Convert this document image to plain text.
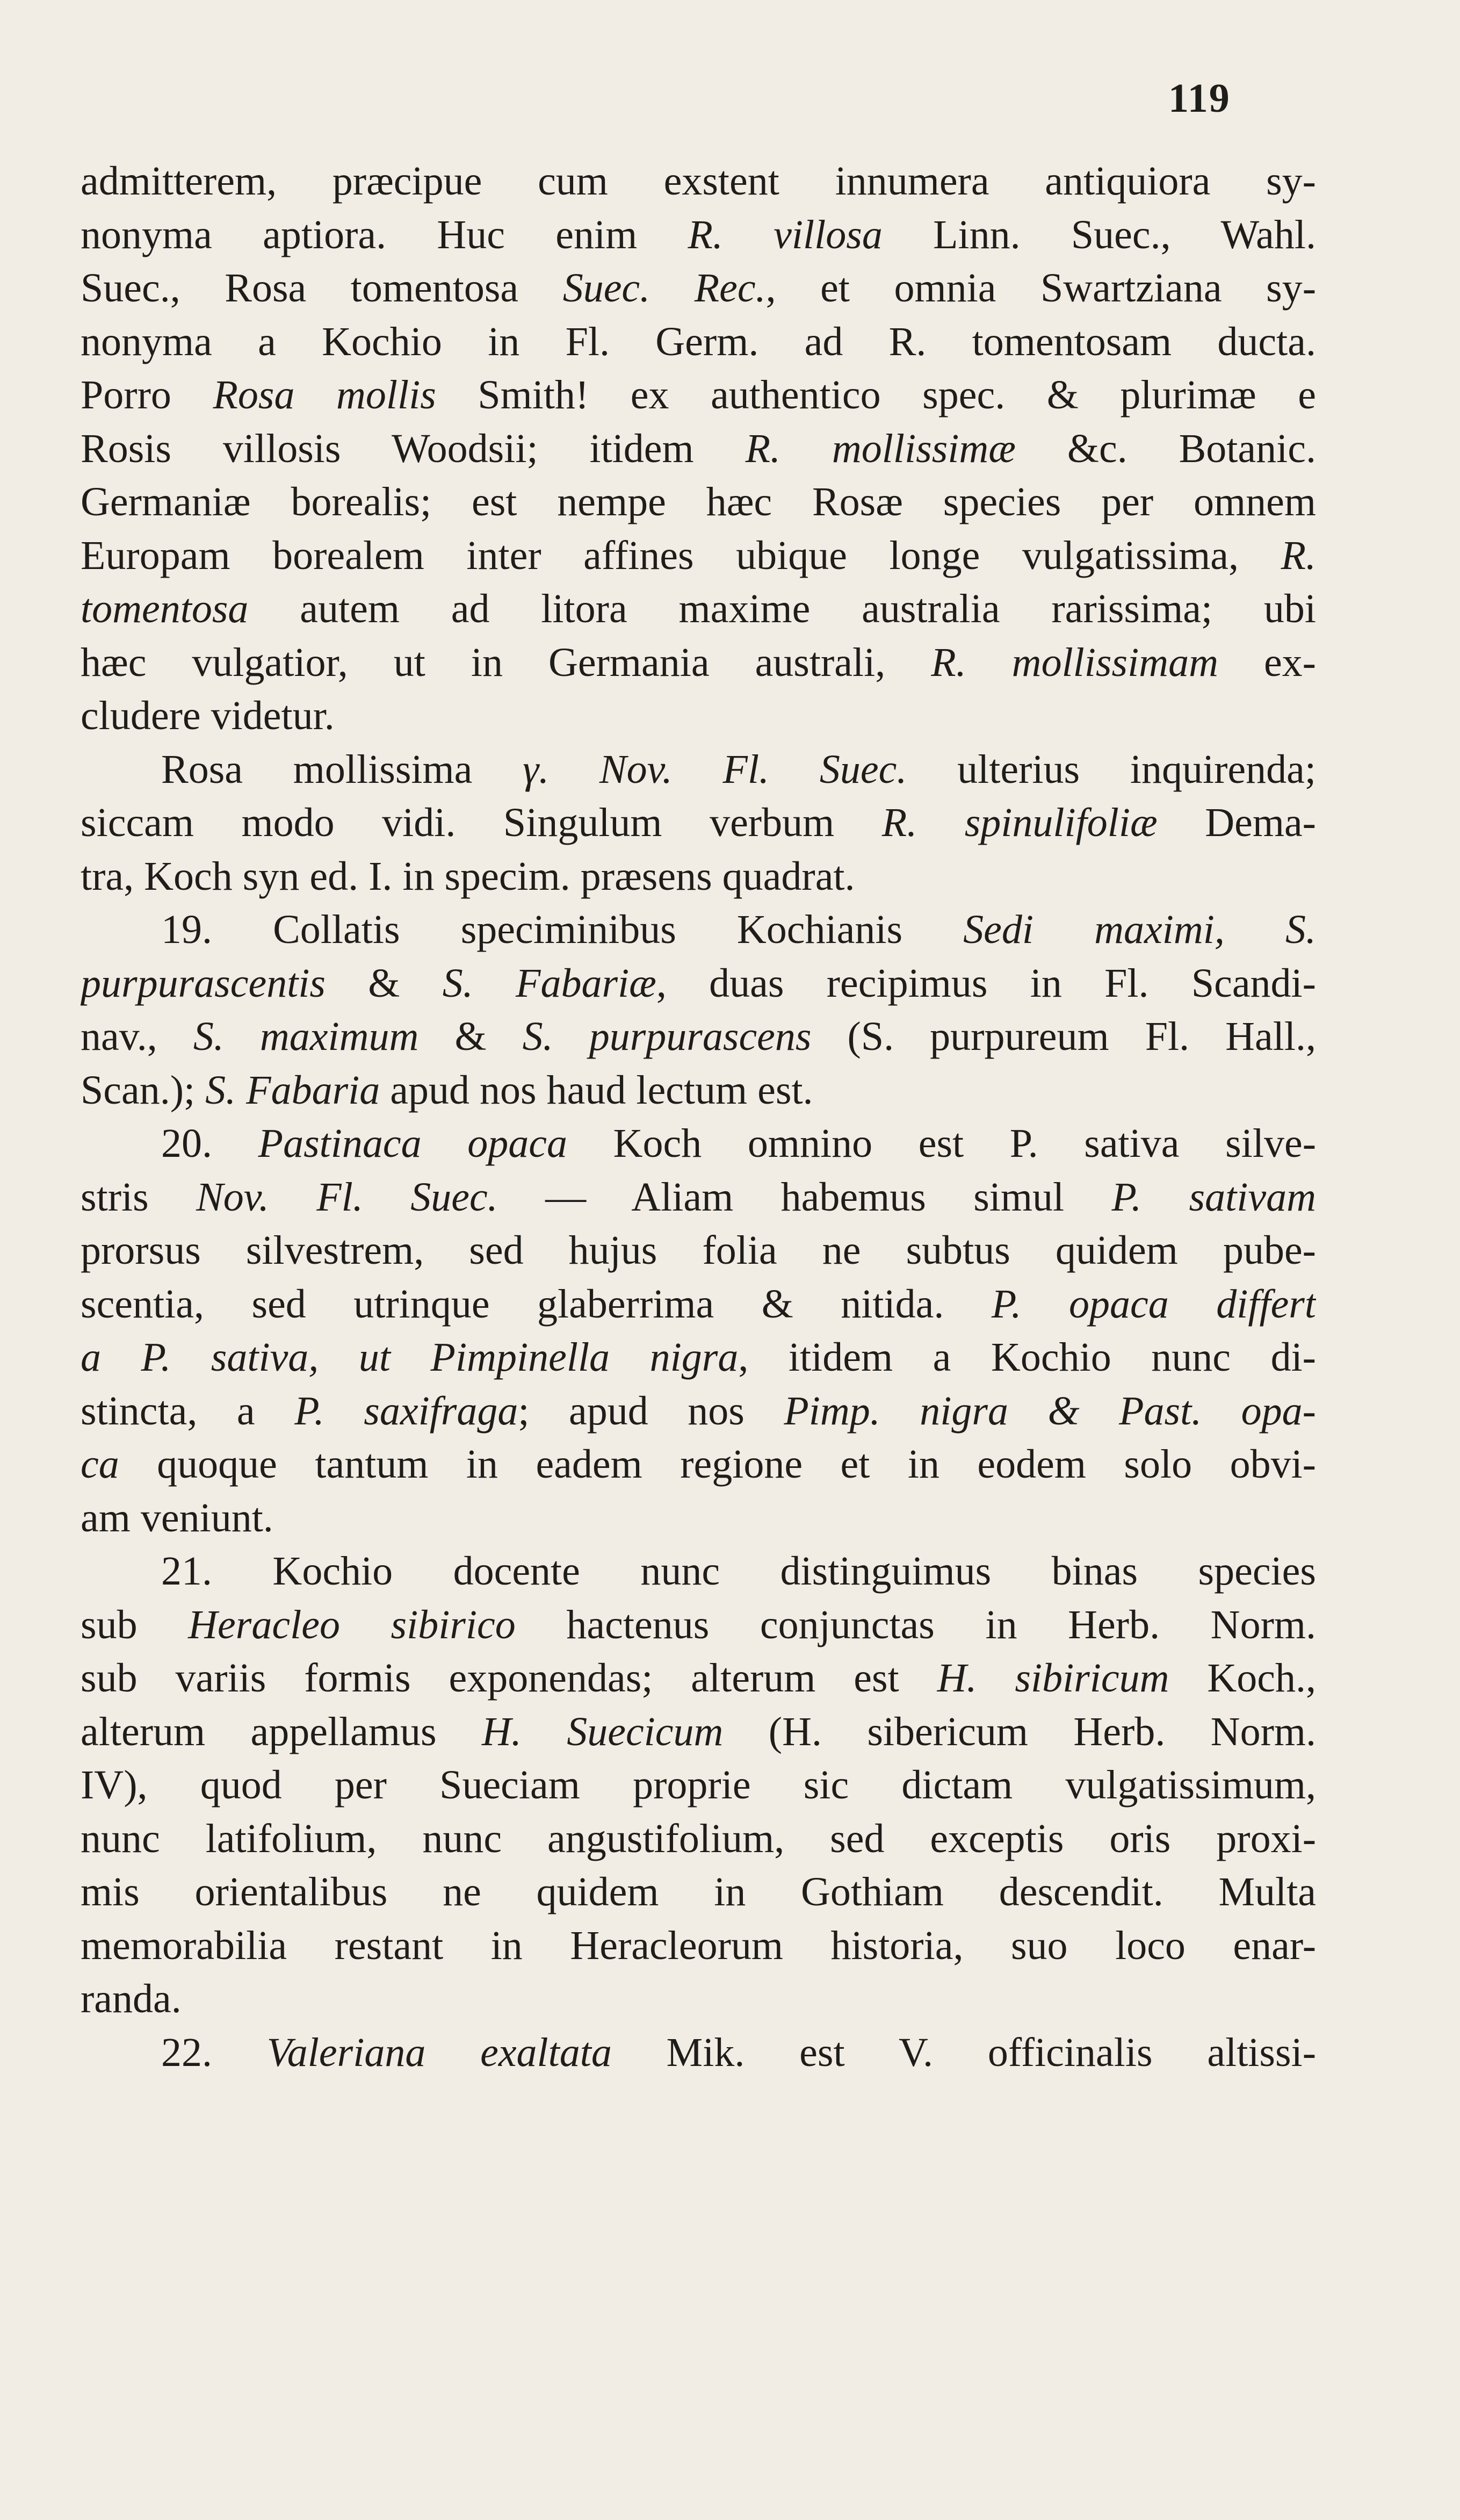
119
admitterem, præcipue cum exstent innumera antiquiora sy-
nonyma aptiora. Huc enim R. villosa Linn. Suec., Wahl.
Suec., Rosa tomentosa Suec. Rec., et omnia Swartziana sy-
nonyma a Kochio in Fl. Germ. ad R. tomentosam ducta.
Porro Rosa mollis Smith! ex authentico spec. & plurimæ e
Rosis villosis Woodsii; itidem R. mollissimæ &c. Botanic.
Germaniæ borealis; est nempe hæc Rosæ species per omnem
Europam borealem inter affines ubique longe vulgatissima, R.
tomentosa autem ad litora maxime australia rarissima; ubi
hæc vulgatior, ut in Germania australi, R. mollissimam ex-
cludere videtur.
Rosa mollissima γ. Nov. Fl. Suec. ulterius inquirenda;
siccam modo vidi. Singulum verbum R. spinulifoliæ Dema-
tra, Koch syn ed. I. in specim. præsens quadrat.
19. Collatis speciminibus Kochianis Sedi maximi, S.
purpurascentis & S. Fabariæ, duas recipimus in Fl. Scandi-
nav., S. maximum & S. purpurascens (S. purpureum Fl. Hall.,
Scan.); S. Fabaria apud nos haud lectum est.
20. Pastinaca opaca Koch omnino est P. sativa silve-
stris Nov. Fl. Suec. — Aliam habemus simul P. sativam
prorsus silvestrem, sed hujus folia ne subtus quidem pube-
scentia, sed utrinque glaberrima & nitida. P. opaca differt
a P. sativa, ut Pimpinella nigra, itidem a Kochio nunc di-
stincta, a P. saxifraga; apud nos Pimp. nigra & Past. opa-
ca quoque tantum in eadem regione et in eodem solo obvi-
am veniunt.
21. Kochio docente nunc distinguimus binas species
sub Heracleo sibirico hactenus conjunctas in Herb. Norm.
sub variis formis exponendas; alterum est H. sibiricum Koch.,
alterum appellamus H. Suecicum (H. sibericum Herb. Norm.
IV), quod per Sueciam proprie sic dictam vulgatissimum,
nunc latifolium, nunc angustifolium, sed exceptis oris proxi-
mis orientalibus ne quidem in Gothiam descendit. Multa
memorabilia restant in Heracleorum historia, suo loco enar-
randa.
22. Valeriana exaltata Mik. est V. officinalis altissi-
